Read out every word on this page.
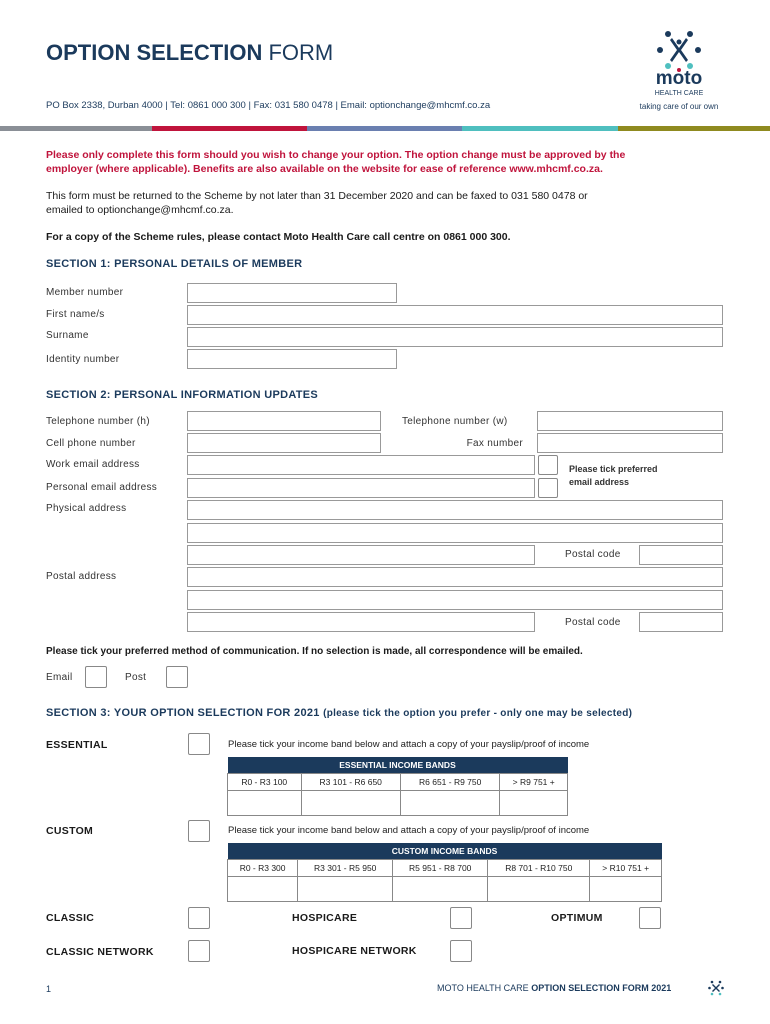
OPTION SELECTION FORM
PO Box 2338, Durban 4000 | Tel: 0861 000 300 | Fax: 031 580 0478 | Email: optionchange@mhcmf.co.za
moto
HEALTH CARE
taking care of our own
Please only complete this form should you wish to change your option. The option change must be approved by the
employer (where applicable). Benefits are also available on the website for ease of reference www.mhcmf.co.za.
This form must be returned to the Scheme by not later than 31 December 2020 and can be faxed to 031 580 0478 or
emailed to optionchange@mhcmf.co.za.
For a copy of the Scheme rules, please contact Moto Health Care call centre on 0861 000 300.
SECTION 1: PERSONAL DETAILS OF MEMBER
Member number
First name/s
Surname
Identity number
SECTION 2: PERSONAL INFORMATION UPDATES
Telephone number (h)	Telephone number (w)
Cell phone number	Fax number
Work email address
Personal email address
Please tick preferred
email address
Physical address
Postal code
Postal address
Postal code
Please tick your preferred method of communication. If no selection is made, all correspondence will be emailed.
Email	Post
SECTION 3: YOUR OPTION SELECTION FOR 2021 (please tick the option you prefer - only one may be selected)
ESSENTIAL	Please tick your income band below and attach a copy of your payslip/proof of income
ESSENTIAL INCOME BANDS			
R0 - R3 100	R3 101 - R6 650	R6 651 - R9 750	> R9 751 +

CUSTOM	Please tick your income band below and attach a copy of your payslip/proof of income
CUSTOM INCOME BANDS				
R0 - R3 300	R3 301 - R5 950	R5 951 - R8 700	R8 701 - R10 750	> R10 751 +

CLASSIC	HOSPICARE	OPTIMUM
CLASSIC NETWORK	HOSPICARE NETWORK
1	MOTO HEALTH CARE OPTION SELECTION FORM 2021
